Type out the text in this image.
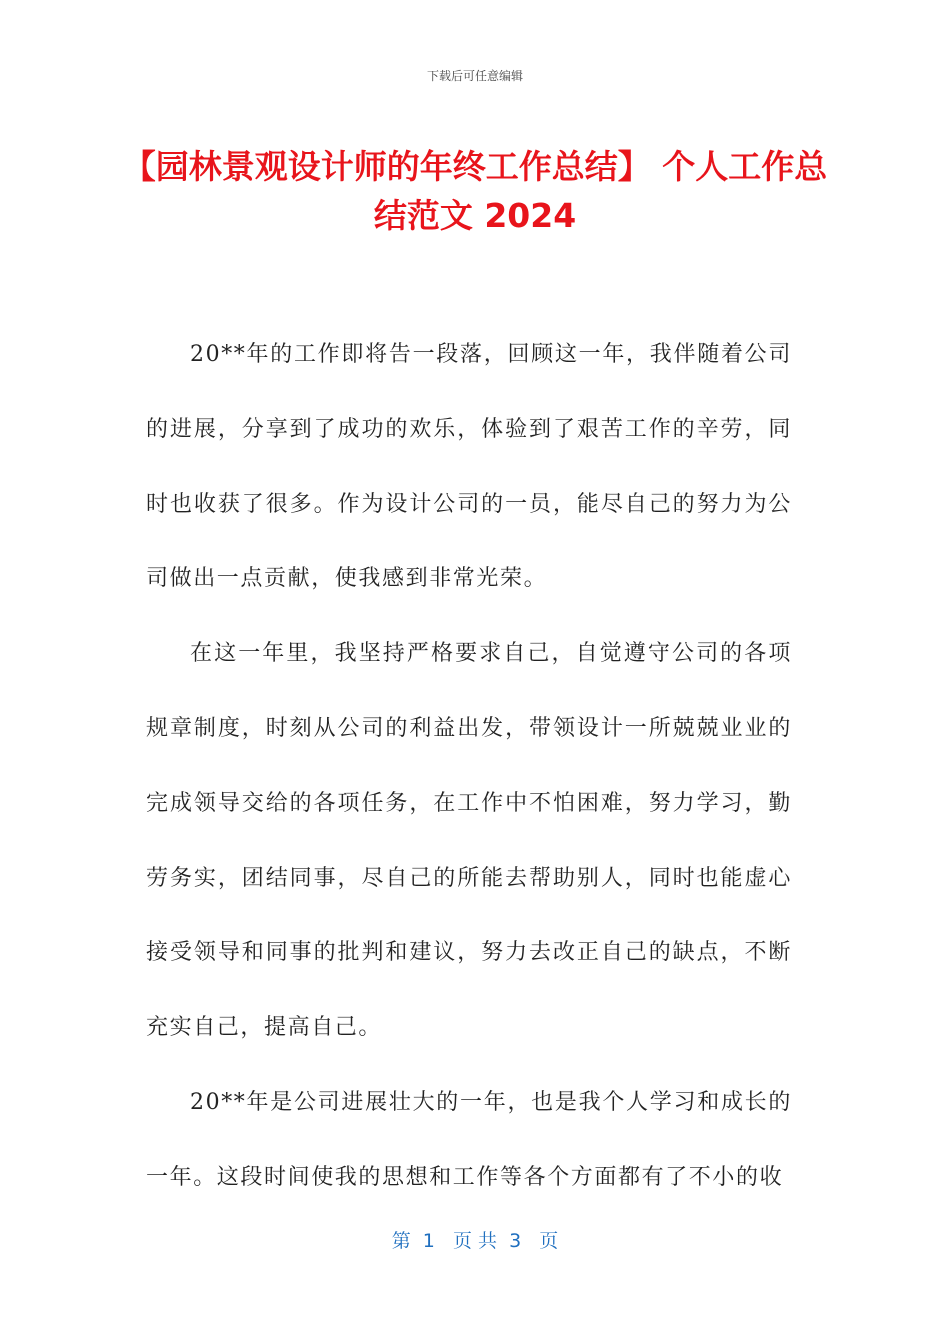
下载后可任意编辑
【园林景观设计师的年终工作总结】 个人工作总结范文 2024

20**年的工作即将告一段落，回顾这一年，我伴随着公司的进展，分享到了成功的欢乐，体验到了艰苦工作的辛劳，同时也收获了很多。作为设计公司的一员，能尽自己的努力为公司做出一点贡献，使我感到非常光荣。

在这一年里，我坚持严格要求自己，自觉遵守公司的各项规章制度，时刻从公司的利益出发，带领设计一所兢兢业业的完成领导交给的各项任务，在工作中不怕困难，努力学习，勤劳务实，团结同事，尽自己的所能去帮助别人，同时也能虚心接受领导和同事的批判和建议，努力去改正自己的缺点，不断充实自己，提高自己。

20**年是公司进展壮大的一年，也是我个人学习和成长的一年。这段时间使我的思想和工作等各个方面都有了不小的收

第  1   页 共  3   页
